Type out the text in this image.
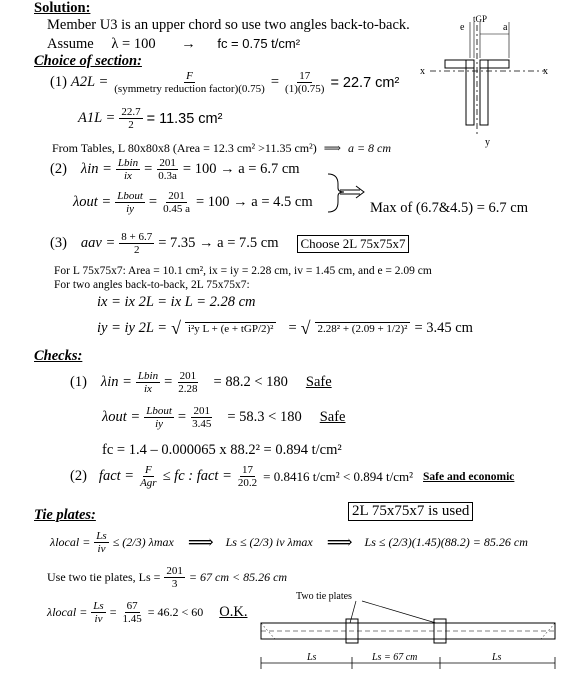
Solution:
Member U3 is an upper chord so use two angles back-to-back.
Assume λ = 100 → fc = 0.75 t/cm²
e
tGP
a
x	x
y
Choice of section:
(1) $A2L = \frac{F}{\text{(symmetry reduction factor)(0.75)}} = \frac{17}{(1)(0.75)} = 22.7$ cm²
$A1L = \frac{22.7}{2} = 11.35$ cm²
From Tables, L 80x80x8 (Area = 12.3 cm² >11.35 cm²) ⟹ a = 8 cm
(2) $\lambda in = \frac{\text{Lbin}}{ix} = \frac{201}{0.3a} = 100 \to a = 6.7$ cm
$\lambda out = \frac{\text{Lbout}}{iy} = \frac{201}{0.45 a} = 100 \to a = 4.5$ cm	Max of (6.7&4.5) = 6.7 cm
(3) aav = $\frac{8 + 6.7}{2} = 7.35 \to a = 7.5$ cm	Choose 2L 75x75x7
For L 75x75x7: Area = 10.1 cm², ix = iy = 2.28 cm, iv = 1.45 cm, and e = 2.09 cm
For two angles back-to-back, 2L 75x75x7:
ix = ix 2L = ix L = 2.28 cm
iy = iy 2L = √ i²y L + (e + tGP/2)² = √ 2.28² + (2.09 + 1/2)² = 3.45 cm
Checks:
(1) $\lambda in = \frac{\text{Lbin}}{ix} = \frac{201}{2.28} = 88.2 < 180$ Safe
$\lambda out = \frac{\text{Lbout}}{iy} = \frac{201}{3.45} = 58.3 < 180$ Safe
fc = 1.4 – 0.000065 x 88.2² = 0.894 t/cm²
(2) fact = $\frac{F}{\text{Agr}}$ ≤ fc : fact = $\frac{17}{20.2} = 0.8416$ t/cm² < 0.894 t/cm² Safe and economic
Tie plates:	2L 75x75x7 is used
λlocal = $\frac{Ls}{iv} \le (2/3)$ λmax ⟹ Ls ≤ (2/3) iv λmax ⟹ Ls ≤ (2/3)(1.45)(88.2) = 85.26 cm
Use two tie plates, $Ls = \frac{201}{3} = 67$ cm < 85.26 cm
λlocal = $\frac{Ls}{iv} = \frac{67}{1.45} = 46.2 < 60$ O.K.
Two tie plates
Ls	Ls = 67 cm	Ls
